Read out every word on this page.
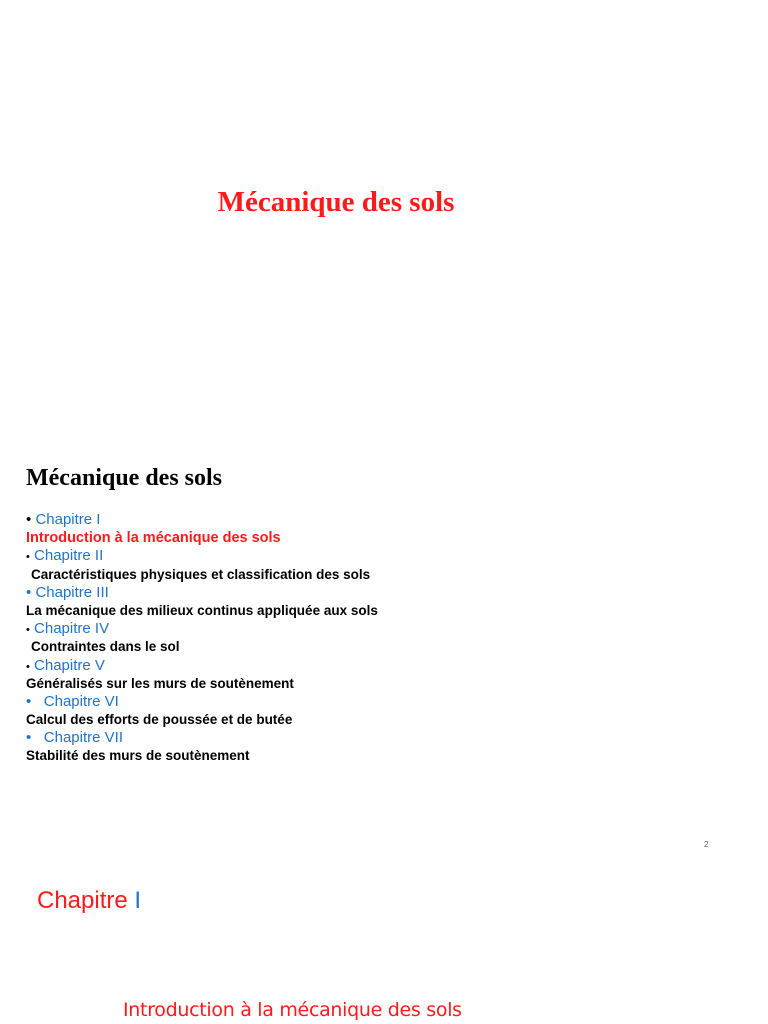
Mécanique des sols
Mécanique des sols
• Chapitre I
Introduction à la mécanique des sols
• Chapitre II
Caractéristiques physiques et classification des sols
• Chapitre III
La mécanique des milieux continus appliquée aux sols
• Chapitre IV
Contraintes dans le sol
• Chapitre V
Généralisés sur les murs de soutènement
• Chapitre VI
Calcul des efforts de poussée et de butée
• Chapitre VII
Stabilité des murs de soutènement
2
Chapitre I
Introduction à la mécanique des sols
